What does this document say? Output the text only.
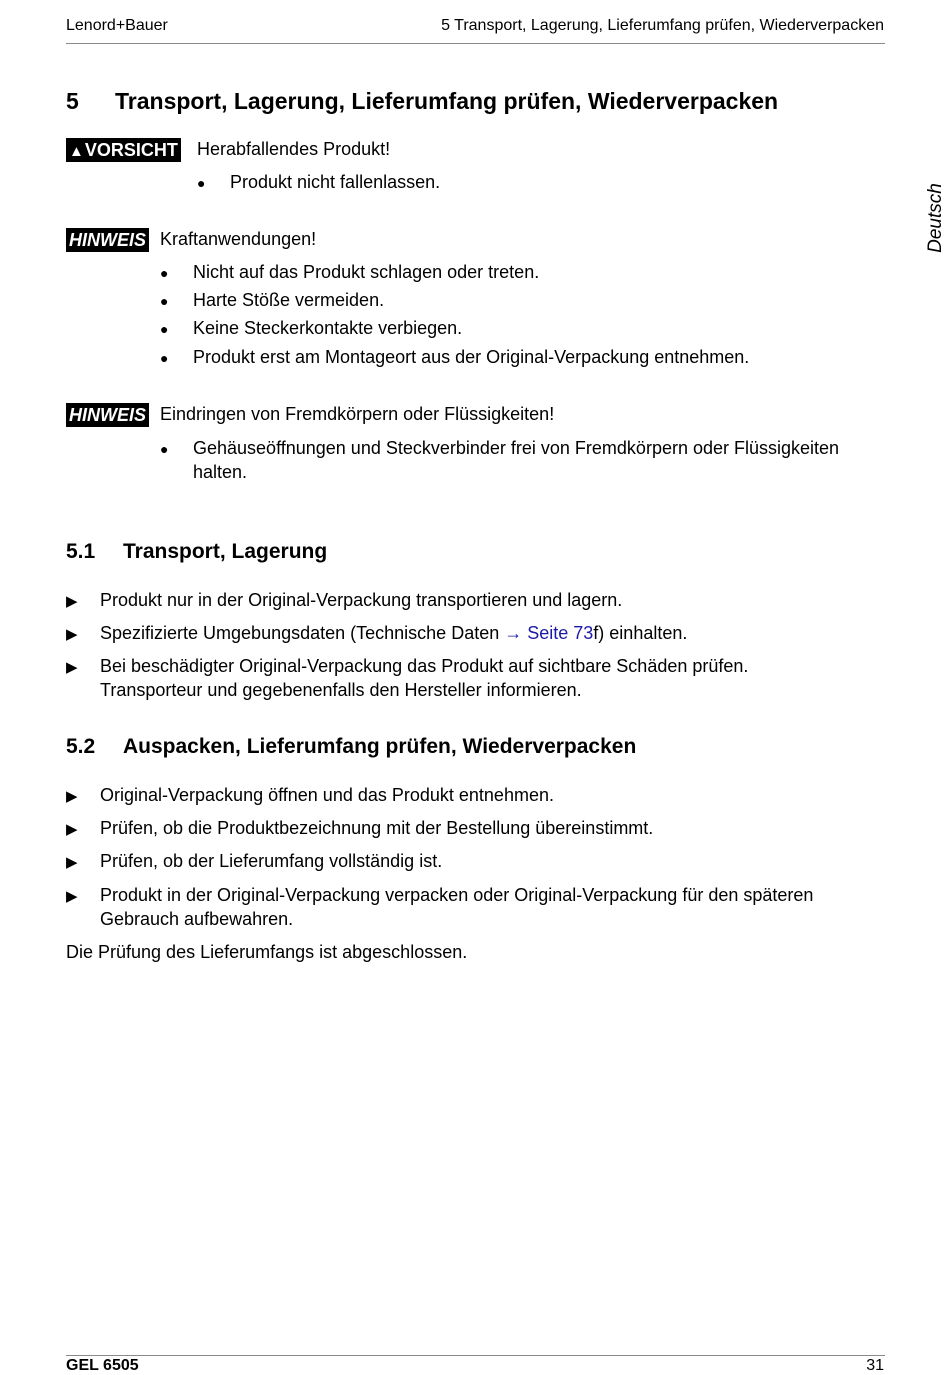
Lenord+Bauer	5 Transport, Lagerung, Lieferumfang prüfen, Wiederverpacken
Deutsch
5 Transport, Lagerung, Lieferumfang prüfen, Wiederverpacken
▲VORSICHT Herabfallendes Produkt!
● Produkt nicht fallenlassen.
HINWEIS Kraftanwendungen!
● Nicht auf das Produkt schlagen oder treten.
● Harte Stöße vermeiden.
● Keine Steckerkontakte verbiegen.
● Produkt erst am Montageort aus der Original-Verpackung entnehmen.
HINWEIS Eindringen von Fremdkörpern oder Flüssigkeiten!
● Gehäuseöffnungen und Steckverbinder frei von Fremdkörpern oder Flüssigkeiten
halten.
5.1 Transport, Lagerung
▶ Produkt nur in der Original-Verpackung transportieren und lagern.
▶ Spezifizierte Umgebungsdaten (Technische Daten → Seite 73f) einhalten.
▶ Bei beschädigter Original-Verpackung das Produkt auf sichtbare Schäden prüfen.
Transporteur und gegebenenfalls den Hersteller informieren.
5.2 Auspacken, Lieferumfang prüfen, Wiederverpacken
▶ Original-Verpackung öffnen und das Produkt entnehmen.
▶ Prüfen, ob die Produktbezeichnung mit der Bestellung übereinstimmt.
▶ Prüfen, ob der Lieferumfang vollständig ist.
▶ Produkt in der Original-Verpackung verpacken oder Original-Verpackung für den späteren
Gebrauch aufbewahren.
Die Prüfung des Lieferumfangs ist abgeschlossen.
GEL 6505	31
